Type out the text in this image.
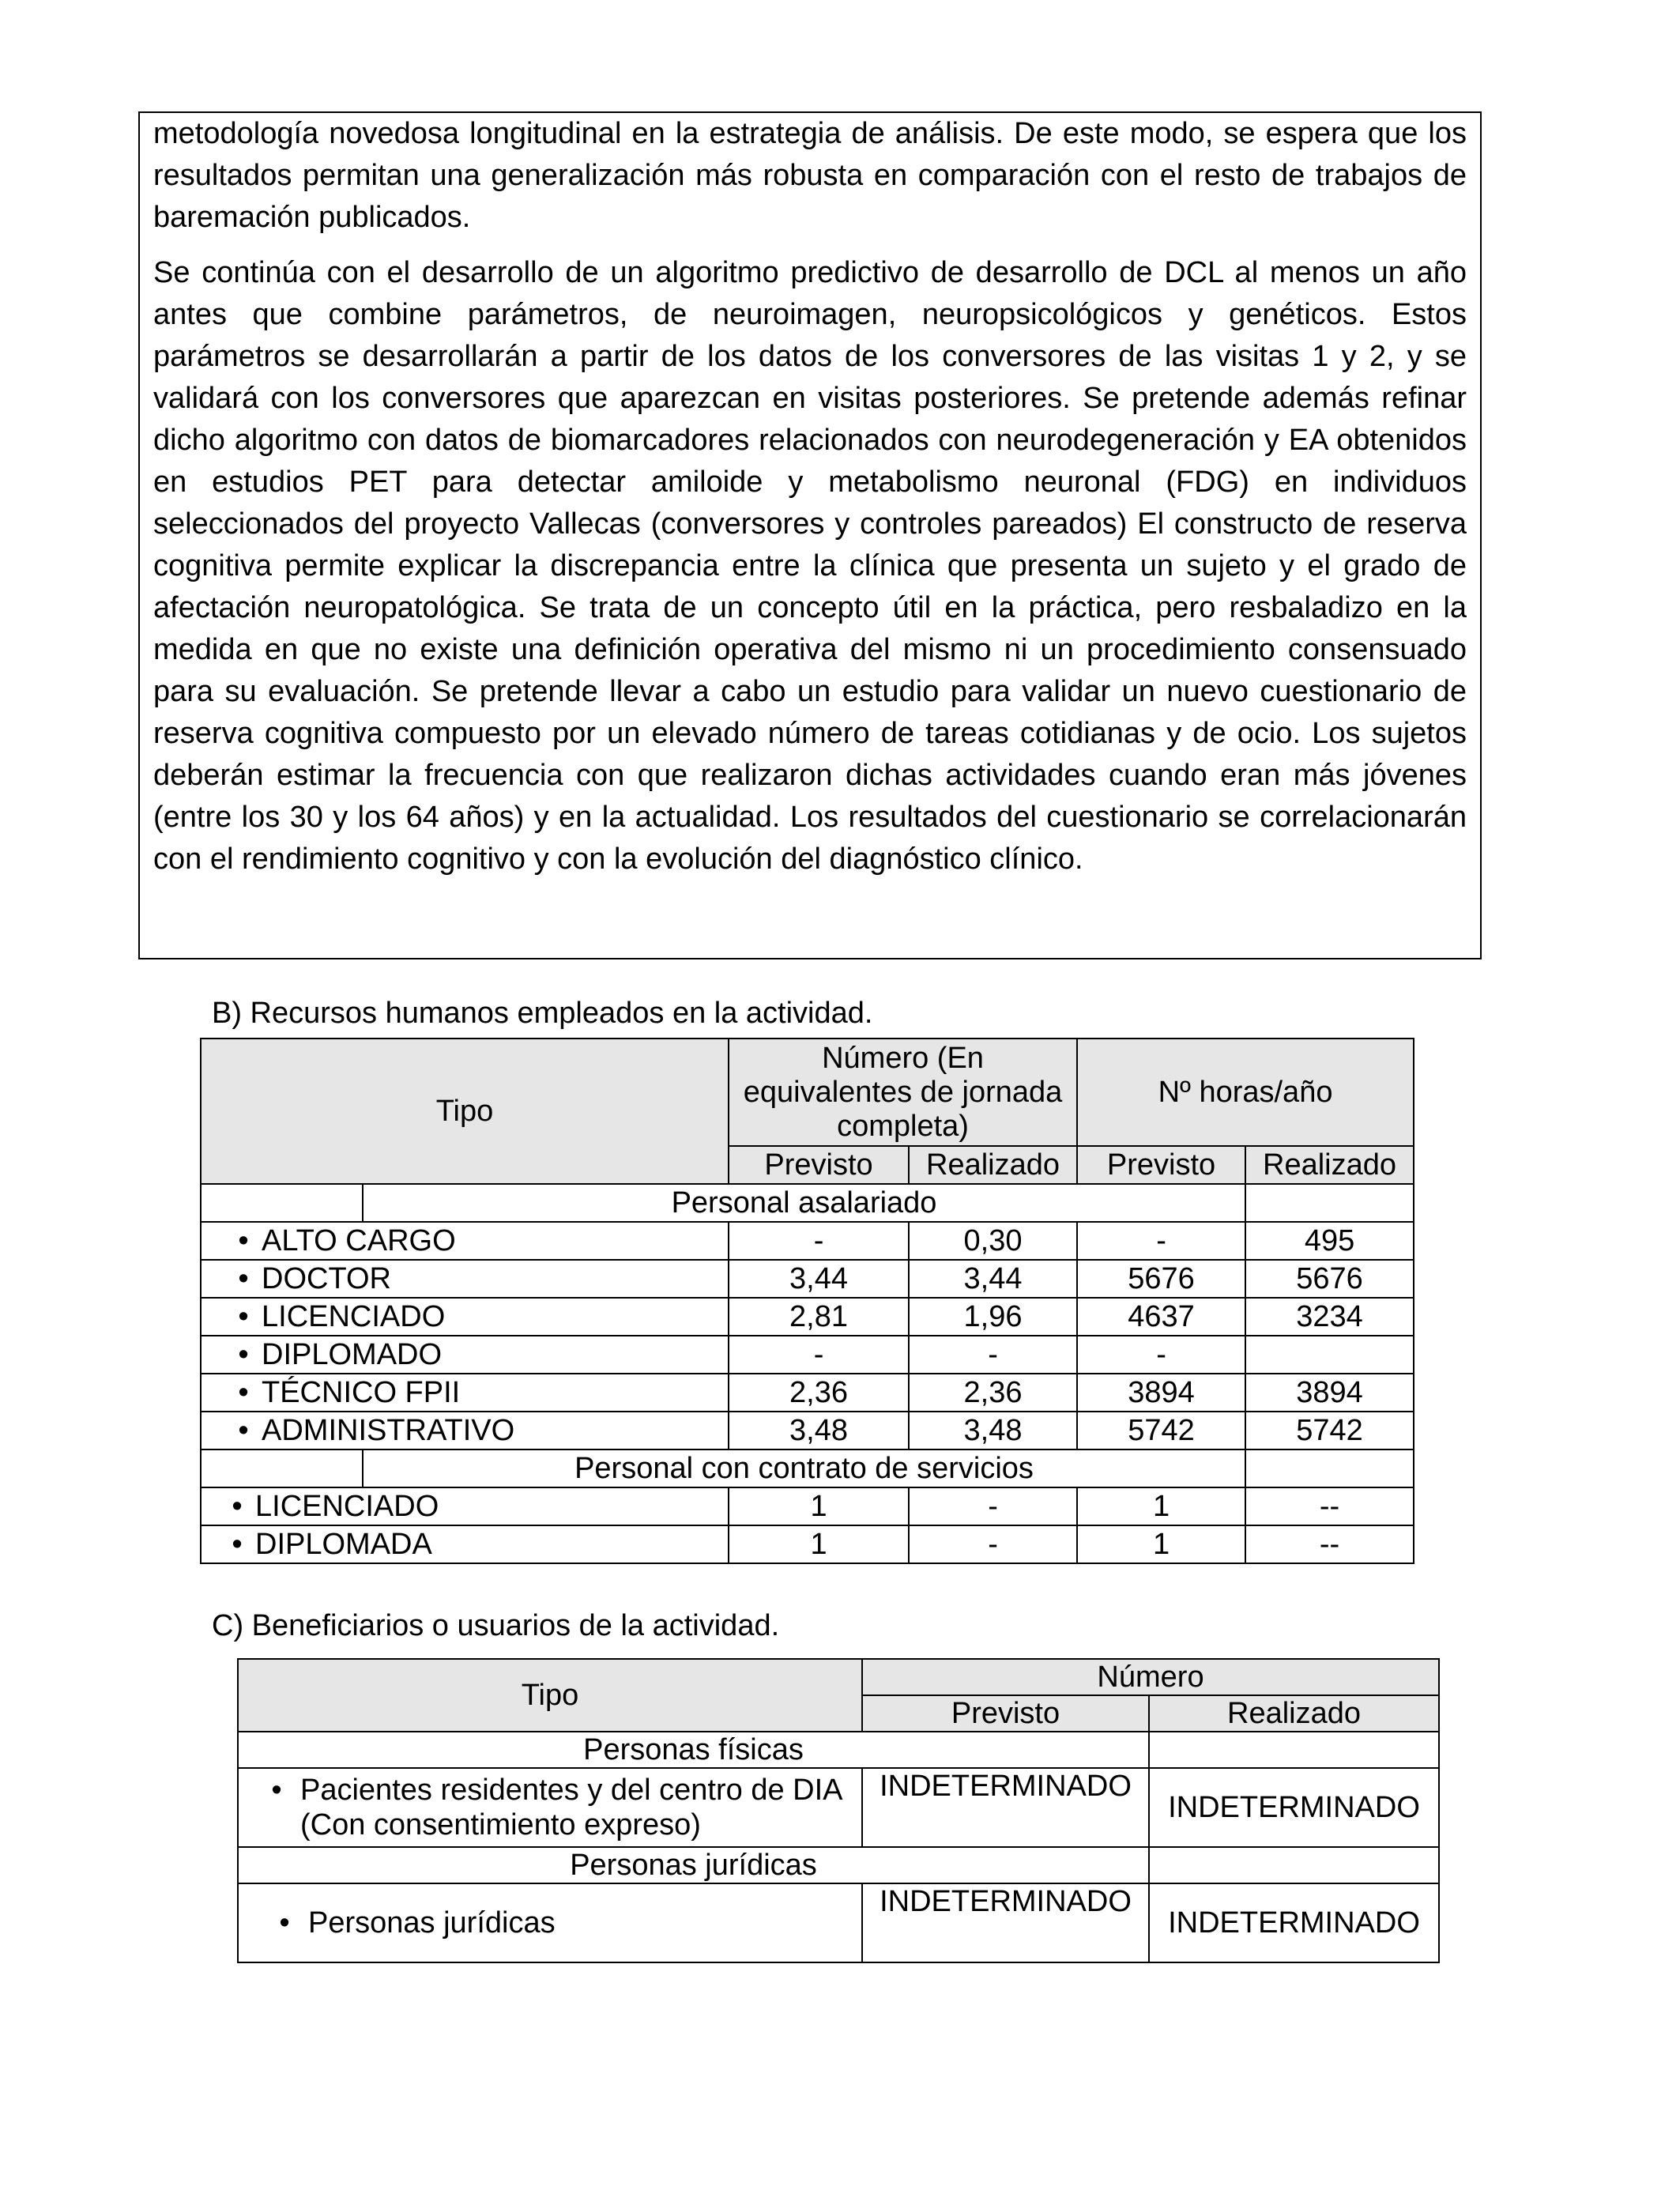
metodología novedosa longitudinal en la estrategia de análisis. De este modo, se espera que los resultados permitan una generalización más robusta en comparación con el resto de trabajos de baremación publicados.

Se continúa con el desarrollo de un algoritmo predictivo de desarrollo de DCL al menos un año antes que combine parámetros, de neuroimagen, neuropsicológicos y genéticos. Estos parámetros se desarrollarán a partir de los datos de los conversores de las visitas 1 y 2, y se validará con los conversores que aparezcan en visitas posteriores. Se pretende además refinar dicho algoritmo con datos de biomarcadores relacionados con neurodegeneración y EA obtenidos en estudios PET para detectar amiloide y metabolismo neuronal (FDG) en individuos seleccionados del proyecto Vallecas (conversores y controles pareados) El constructo de reserva cognitiva permite explicar la discrepancia entre la clínica que presenta un sujeto y el grado de afectación neuropatológica. Se trata de un concepto útil en la práctica, pero resbaladizo en la medida en que no existe una definición operativa del mismo ni un procedimiento consensuado para su evaluación. Se pretende llevar a cabo un estudio para validar un nuevo cuestionario de reserva cognitiva compuesto por un elevado número de tareas cotidianas y de ocio. Los sujetos deberán estimar la frecuencia con que realizaron dichas actividades cuando eran más jóvenes (entre los 30 y los 64 años) y en la actualidad. Los resultados del cuestionario se correlacionarán con el rendimiento cognitivo y con la evolución del diagnóstico clínico.

B) Recursos humanos empleados en la actividad.

Tipo		Número (En equivalentes de jornada completa)		Nº horas/año	
		Previsto	Realizado	Previsto	Realizado
	Personal asalariado				
• ALTO CARGO		-	0,30	-	495
• DOCTOR		3,44	3,44	5676	5676
• LICENCIADO		2,81	1,96	4637	3234
• DIPLOMADO		-	-	-	
• TÉCNICO FPII		2,36	2,36	3894	3894
• ADMINISTRATIVO		3,48	3,48	5742	5742
	Personal con contrato de servicios				
• LICENCIADO		1	-	1	--
• DIPLOMADA		1	-	1	--

C) Beneficiarios o usuarios de la actividad.

Tipo	Número	
	Previsto	Realizado
Personas físicas		

• Pacientes residentes y del centro de DIA (Con consentimiento expreso)	INDETERMINADO	INDETERMINADO
Personas jurídicas		

• Personas jurídicas	INDETERMINADO	INDETERMINADO
